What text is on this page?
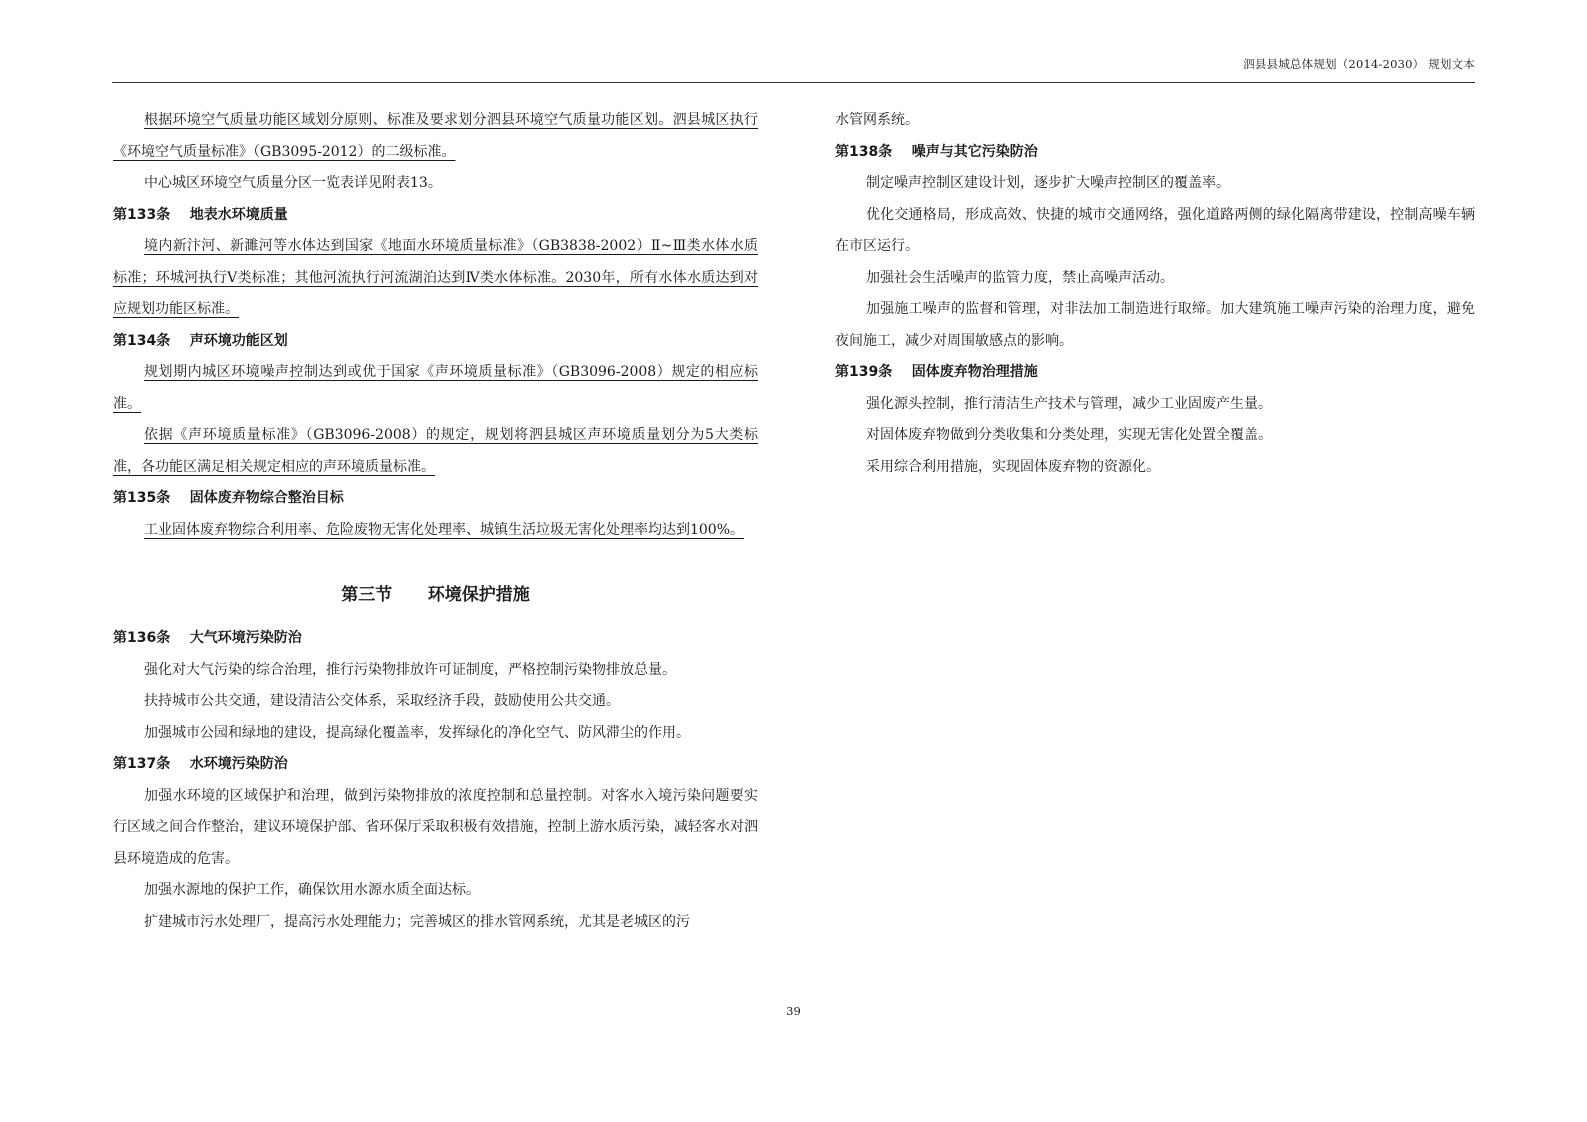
泗县县城总体规划（2014-2030） 规划文本

根据环境空气质量功能区域划分原则、标准及要求划分泗县环境空气质量功能区划。泗县城区执行《环境空气质量标准》（GB3095-2012）的二级标准。

中心城区环境空气质量分区一览表详见附表13。

第133条    地表水环境质量

境内新汴河、新濉河等水体达到国家《地面水环境质量标准》（GB3838-2002）Ⅱ~Ⅲ类水体水质标准；环城河执行Ⅴ类标准；其他河流执行河流湖泊达到Ⅳ类水体标准。2030年，所有水体水质达到对应规划功能区标准。

第134条    声环境功能区划

规划期内城区环境噪声控制达到或优于国家《声环境质量标准》（GB3096-2008）规定的相应标准。

依据《声环境质量标准》（GB3096-2008）的规定，规划将泗县城区声环境质量划分为5大类标准，各功能区满足相关规定相应的声环境质量标准。

第135条    固体废弃物综合整治目标

工业固体废弃物综合利用率、危险废物无害化处理率、城镇生活垃圾无害化处理率均达到100%。

第三节      环境保护措施

第136条    大气环境污染防治

强化对大气污染的综合治理，推行污染物排放许可证制度，严格控制污染物排放总量。

扶持城市公共交通，建设清洁公交体系，采取经济手段，鼓励使用公共交通。

加强城市公园和绿地的建设，提高绿化覆盖率，发挥绿化的净化空气、防风滞尘的作用。

第137条    水环境污染防治

加强水环境的区域保护和治理，做到污染物排放的浓度控制和总量控制。对客水入境污染问题要实行区域之间合作整治，建议环境保护部、省环保厅采取积极有效措施，控制上游水质污染，减轻客水对泗县环境造成的危害。

加强水源地的保护工作，确保饮用水源水质全面达标。

扩建城市污水处理厂，提高污水处理能力；完善城区的排水管网系统，尤其是老城区的污

水管网系统。

第138条    噪声与其它污染防治

制定噪声控制区建设计划，逐步扩大噪声控制区的覆盖率。

优化交通格局，形成高效、快捷的城市交通网络，强化道路两侧的绿化隔离带建设，控制高噪车辆在市区运行。

加强社会生活噪声的监管力度，禁止高噪声活动。

加强施工噪声的监督和管理，对非法加工制造进行取缔。加大建筑施工噪声污染的治理力度，避免夜间施工，减少对周围敏感点的影响。

第139条    固体废弃物治理措施

强化源头控制，推行清洁生产技术与管理，减少工业固废产生量。

对固体废弃物做到分类收集和分类处理，实现无害化处置全覆盖。

采用综合利用措施，实现固体废弃物的资源化。

39
